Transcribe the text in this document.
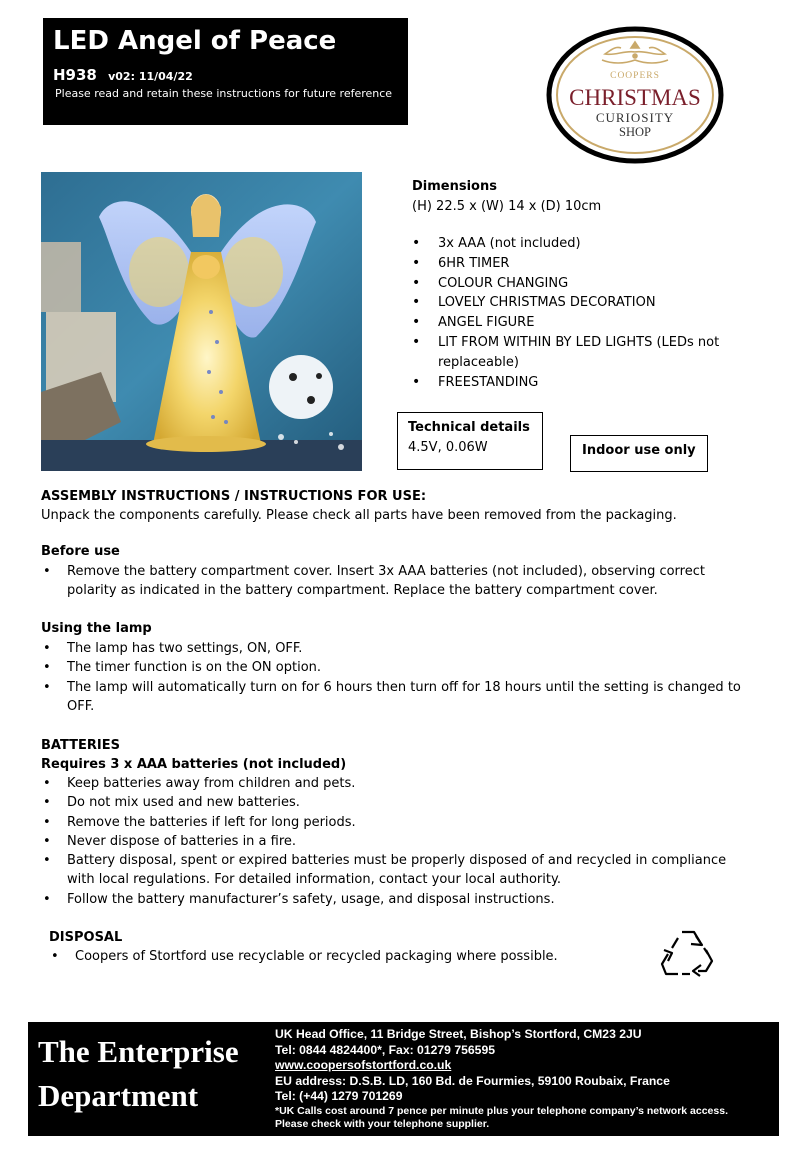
LED Angel of Peace
H938 v02: 11/04/22
Please read and retain these instructions for future reference
COOPERS
CHRISTMAS
CURIOSITY
SHOP
Dimensions
(H) 22.5 x (W) 14 x (D) 10cm
• 3x AAA (not included)
• 6HR TIMER
• COLOUR CHANGING
• LOVELY CHRISTMAS DECORATION
• ANGEL FIGURE
• LIT FROM WITHIN BY LED LIGHTS (LEDs not replaceable)
• FREESTANDING
Technical details
4.5V, 0.06W	Indoor use only
ASSEMBLY INSTRUCTIONS / INSTRUCTIONS FOR USE:
Unpack the components carefully. Please check all parts have been removed from the packaging.
Before use
• Remove the battery compartment cover. Insert 3x AAA batteries (not included), observing correct polarity as indicated in the battery compartment. Replace the battery compartment cover.
Using the lamp
• The lamp has two settings, ON, OFF.
• The timer function is on the ON option.
• The lamp will automatically turn on for 6 hours then turn off for 18 hours until the setting is changed to OFF.
BATTERIES
Requires 3 x AAA batteries (not included)
• Keep batteries away from children and pets.
• Do not mix used and new batteries.
• Remove the batteries if left for long periods.
• Never dispose of batteries in a fire.
• Battery disposal, spent or expired batteries must be properly disposed of and recycled in compliance with local regulations. For detailed information, contact your local authority.
• Follow the battery manufacturer’s safety, usage, and disposal instructions.
DISPOSAL
• Coopers of Stortford use recyclable or recycled packaging where possible.
The Enterprise
Department
UK Head Office, 11 Bridge Street, Bishop’s Stortford, CM23 2JU
Tel: 0844 4824400*, Fax: 01279 756595
www.coopersofstortford.co.uk
EU address: D.S.B. LD, 160 Bd. de Fourmies, 59100 Roubaix, France
Tel: (+44) 1279 701269
*UK Calls cost around 7 pence per minute plus your telephone company’s network access.
Please check with your telephone supplier.
